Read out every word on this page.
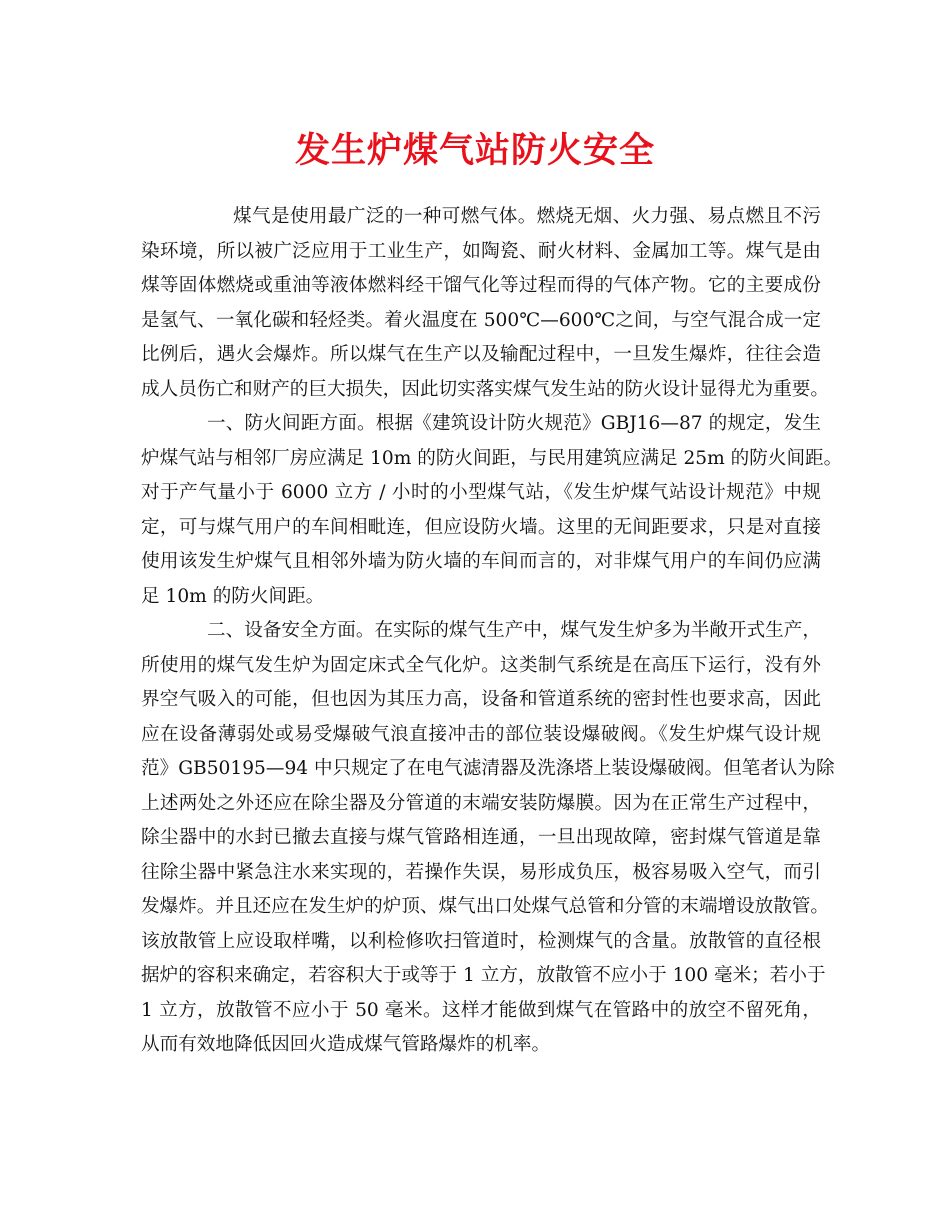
发生炉煤气站防火安全
煤气是使用最广泛的一种可燃气体。燃烧无烟、火力强、易点燃且不污
染环境，所以被广泛应用于工业生产，如陶瓷、耐火材料、金属加工等。煤气是由
煤等固体燃烧或重油等液体燃料经干馏气化等过程而得的气体产物。它的主要成份
是氢气、一氧化碳和轻烃类。着火温度在 500℃—600℃之间，与空气混合成一定
比例后，遇火会爆炸。所以煤气在生产以及输配过程中，一旦发生爆炸，往往会造
成人员伤亡和财产的巨大损失，因此切实落实煤气发生站的防火设计显得尤为重要。
一、防火间距方面。根据《建筑设计防火规范》GBJ16—87 的规定，发生
炉煤气站与相邻厂房应满足 10m 的防火间距，与民用建筑应满足 25m 的防火间距。
对于产气量小于 6000 立方 / 小时的小型煤气站，《发生炉煤气站设计规范》中规
定，可与煤气用户的车间相毗连，但应设防火墙。这里的无间距要求，只是对直接
使用该发生炉煤气且相邻外墙为防火墙的车间而言的，对非煤气用户的车间仍应满
足 10m 的防火间距。
二、设备安全方面。在实际的煤气生产中，煤气发生炉多为半敞开式生产，
所使用的煤气发生炉为固定床式全气化炉。这类制气系统是在高压下运行，没有外
界空气吸入的可能，但也因为其压力高，设备和管道系统的密封性也要求高，因此
应在设备薄弱处或易受爆破气浪直接冲击的部位装设爆破阀。《发生炉煤气设计规
范》GB50195—94 中只规定了在电气滤清器及洗涤塔上装设爆破阀。但笔者认为除
上述两处之外还应在除尘器及分管道的末端安装防爆膜。因为在正常生产过程中，
除尘器中的水封已撤去直接与煤气管路相连通，一旦出现故障，密封煤气管道是靠
往除尘器中紧急注水来实现的，若操作失误，易形成负压，极容易吸入空气，而引
发爆炸。并且还应在发生炉的炉顶、煤气出口处煤气总管和分管的末端增设放散管。
该放散管上应设取样嘴，以利检修吹扫管道时，检测煤气的含量。放散管的直径根
据炉的容积来确定，若容积大于或等于 1 立方，放散管不应小于 100 毫米；若小于
1 立方，放散管不应小于 50 毫米。这样才能做到煤气在管路中的放空不留死角，
从而有效地降低因回火造成煤气管路爆炸的机率。
